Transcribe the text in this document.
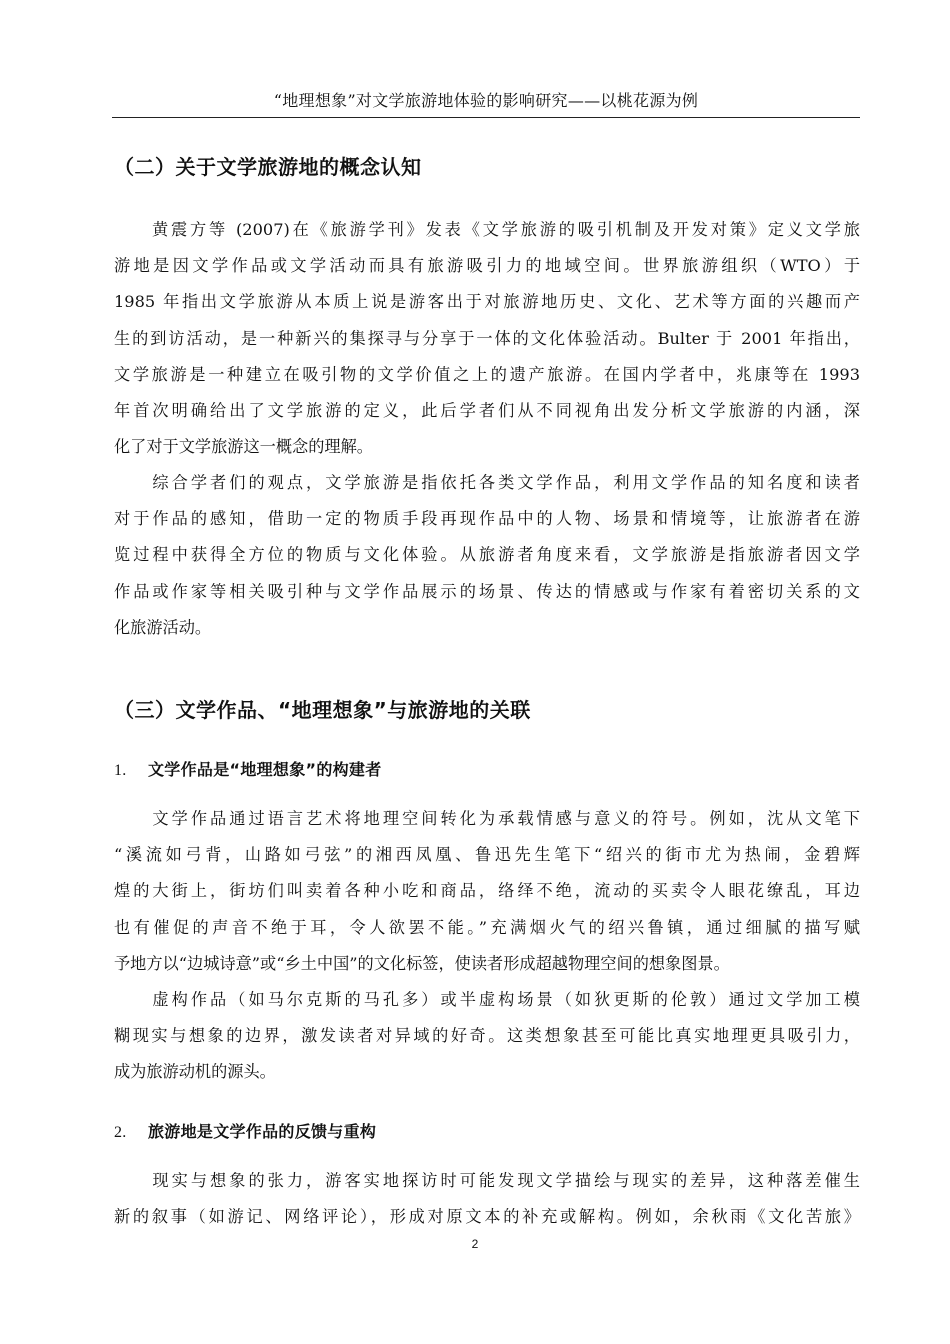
“地理想象”对文学旅游地体验的影响研究——以桃花源为例
（二）关于文学旅游地的概念认知
　　黄震方等 (2007)在《旅游学刊》发表《文学旅游的吸引机制及开发对策》定义文学旅
游地是因文学作品或文学活动而具有旅游吸引力的地域空间。世界旅游组织（WTO）于
1985 年指出文学旅游从本质上说是游客出于对旅游地历史、文化、艺术等方面的兴趣而产
生的到访活动，是一种新兴的集探寻与分享于一体的文化体验活动。Bulter 于 2001 年指出，
文学旅游是一种建立在吸引物的文学价值之上的遗产旅游。在国内学者中，兆康等在 1993
年首次明确给出了文学旅游的定义，此后学者们从不同视角出发分析文学旅游的内涵，深
化了对于文学旅游这一概念的理解。
　　综合学者们的观点，文学旅游是指依托各类文学作品，利用文学作品的知名度和读者
对于作品的感知，借助一定的物质手段再现作品中的人物、场景和情境等，让旅游者在游
览过程中获得全方位的物质与文化体验。从旅游者角度来看，文学旅游是指旅游者因文学
作品或作家等相关吸引种与文学作品展示的场景、传达的情感或与作家有着密切关系的文
化旅游活动。
（三）文学作品、“地理想象”与旅游地的关联
1. 文学作品是“地理想象”的构建者
　　文学作品通过语言艺术将地理空间转化为承载情感与意义的符号。例如，沈从文笔下
“溪流如弓背，山路如弓弦”的湘西凤凰、鲁迅先生笔下“绍兴的街市尤为热闹，金碧辉
煌的大街上，街坊们叫卖着各种小吃和商品，络绎不绝，流动的买卖令人眼花缭乱，耳边
也有催促的声音不绝于耳，令人欲罢不能。”充满烟火气的绍兴鲁镇，通过细腻的描写赋
予地方以“边城诗意”或“乡土中国”的文化标签，使读者形成超越物理空间的想象图景。
　　虚构作品（如马尔克斯的马孔多）或半虚构场景（如狄更斯的伦敦）通过文学加工模
糊现实与想象的边界，激发读者对异域的好奇。这类想象甚至可能比真实地理更具吸引力，
成为旅游动机的源头。
2. 旅游地是文学作品的反馈与重构
　　现实与想象的张力，游客实地探访时可能发现文学描绘与现实的差异，这种落差催生
新的叙事（如游记、网络评论），形成对原文本的补充或解构。例如，余秋雨《文化苦旅》
2
